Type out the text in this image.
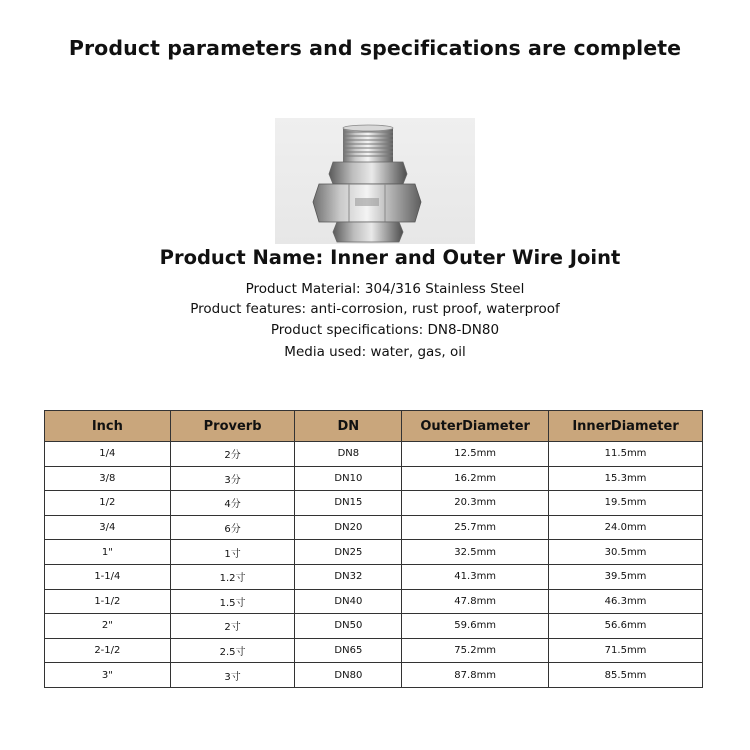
Product parameters and specifications are complete
Product Name: Inner and Outer Wire Joint
Product Material: 304/316 Stainless Steel
Product features: anti-corrosion, rust proof, waterproof
Product specifications: DN8-DN80
Media used: water, gas, oil
Inch	Proverb	DN	OuterDiameter	InnerDiameter
1/4	2分	DN8	12.5mm	11.5mm
3/8	3分	DN10	16.2mm	15.3mm
1/2	4分	DN15	20.3mm	19.5mm
3/4	6分	DN20	25.7mm	24.0mm
1"	1寸	DN25	32.5mm	30.5mm
1-1/4	1.2寸	DN32	41.3mm	39.5mm
1-1/2	1.5寸	DN40	47.8mm	46.3mm
2"	2寸	DN50	59.6mm	56.6mm
2-1/2	2.5寸	DN65	75.2mm	71.5mm
3"	3寸	DN80	87.8mm	85.5mm
